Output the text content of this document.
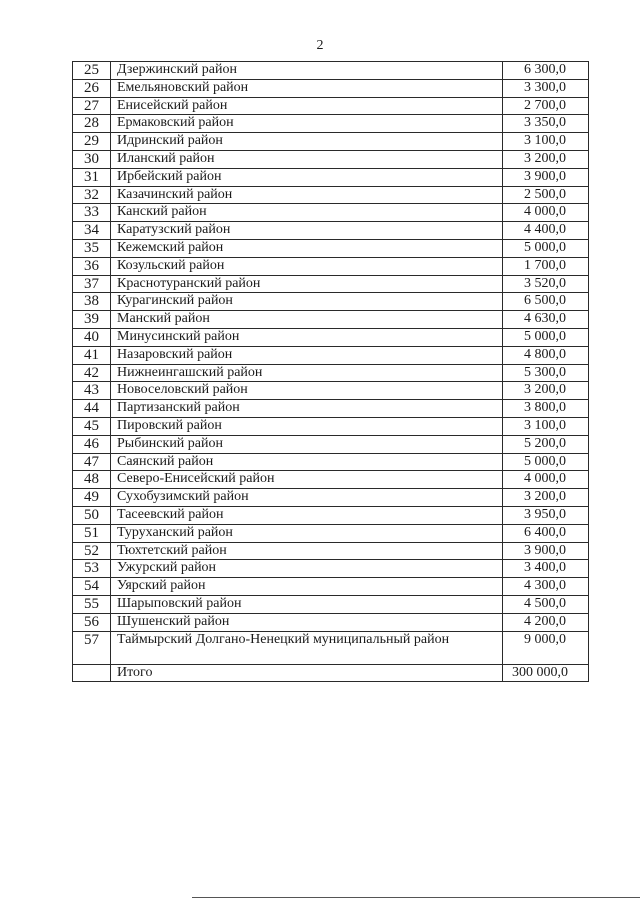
2
25	Дзержинский район	6 300,0
26	Емельяновский район	3 300,0
27	Енисейский район	2 700,0
28	Ермаковский район	3 350,0
29	Идринский район	3 100,0
30	Иланский район	3 200,0
31	Ирбейский район	3 900,0
32	Казачинский район	2 500,0
33	Канский район	4 000,0
34	Каратузский район	4 400,0
35	Кежемский район	5 000,0
36	Козульский район	1 700,0
37	Краснотуранский район	3 520,0
38	Курагинский район	6 500,0
39	Манский район	4 630,0
40	Минусинский район	5 000,0
41	Назаровский район	4 800,0
42	Нижнеингашский район	5 300,0
43	Новоселовский район	3 200,0
44	Партизанский район	3 800,0
45	Пировский район	3 100,0
46	Рыбинский район	5 200,0
47	Саянский район	5 000,0
48	Северо-Енисейский район	4 000,0
49	Сухобузимский район	3 200,0
50	Тасеевский район	3 950,0
51	Туруханский район	6 400,0
52	Тюхтетский район	3 900,0
53	Ужурский район	3 400,0
54	Уярский район	4 300,0
55	Шарыповский район	4 500,0
56	Шушенский район	4 200,0
57	Таймырский Долгано-Ненецкий муниципальный район	9 000,0
	Итого	300 000,0
